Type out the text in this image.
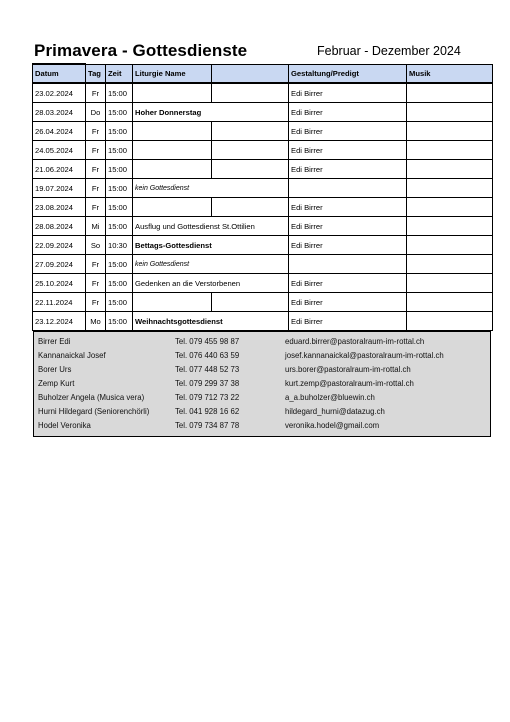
Primavera - Gottesdienste	Februar - Dezember 2024
Datum	Tag	Zeit	Liturgie Name		Gestaltung/Predigt	Musik
23.02.2024	Fr	15:00			Edi Birrer	
28.03.2024	Do	15:00	Hoher Donnerstag		Edi Birrer	
26.04.2024	Fr	15:00			Edi Birrer	
24.05.2024	Fr	15:00			Edi Birrer	
21.06.2024	Fr	15:00			Edi Birrer	
19.07.2024	Fr	15:00	kein Gottesdienst			
23.08.2024	Fr	15:00			Edi Birrer	
28.08.2024	Mi	15:00	Ausflug und Gottesdienst St.Ottilien		Edi Birrer	
22.09.2024	So	10:30	Bettags-Gottesdienst		Edi Birrer	
27.09.2024	Fr	15:00	kein Gottesdienst			
25.10.2024	Fr	15:00	Gedenken an die Verstorbenen		Edi Birrer	
22.11.2024	Fr	15:00			Edi Birrer	
23.12.2024	Mo	15:00	Weihnachtsgottesdienst		Edi Birrer	
Birrer Edi	Tel. 079 455 98 87	eduard.birrer@pastoralraum-im-rottal.ch
Kannanaickal Josef	Tel. 076 440 63 59	josef.kannanaickal@pastoralraum-im-rottal.ch
Borer Urs	Tel. 077 448 52 73	urs.borer@pastoralraum-im-rottal.ch
Zemp Kurt	Tel. 079 299 37 38	kurt.zemp@pastoralraum-im-rottal.ch
Buholzer Angela (Musica vera)	Tel. 079 712 73 22	a_a.buholzer@bluewin.ch
Hurni Hildegard (Seniorenchörli)	Tel. 041 928 16 62	hildegard_hurni@datazug.ch
Hodel Veronika	Tel. 079 734 87 78	veronika.hodel@gmail.com
